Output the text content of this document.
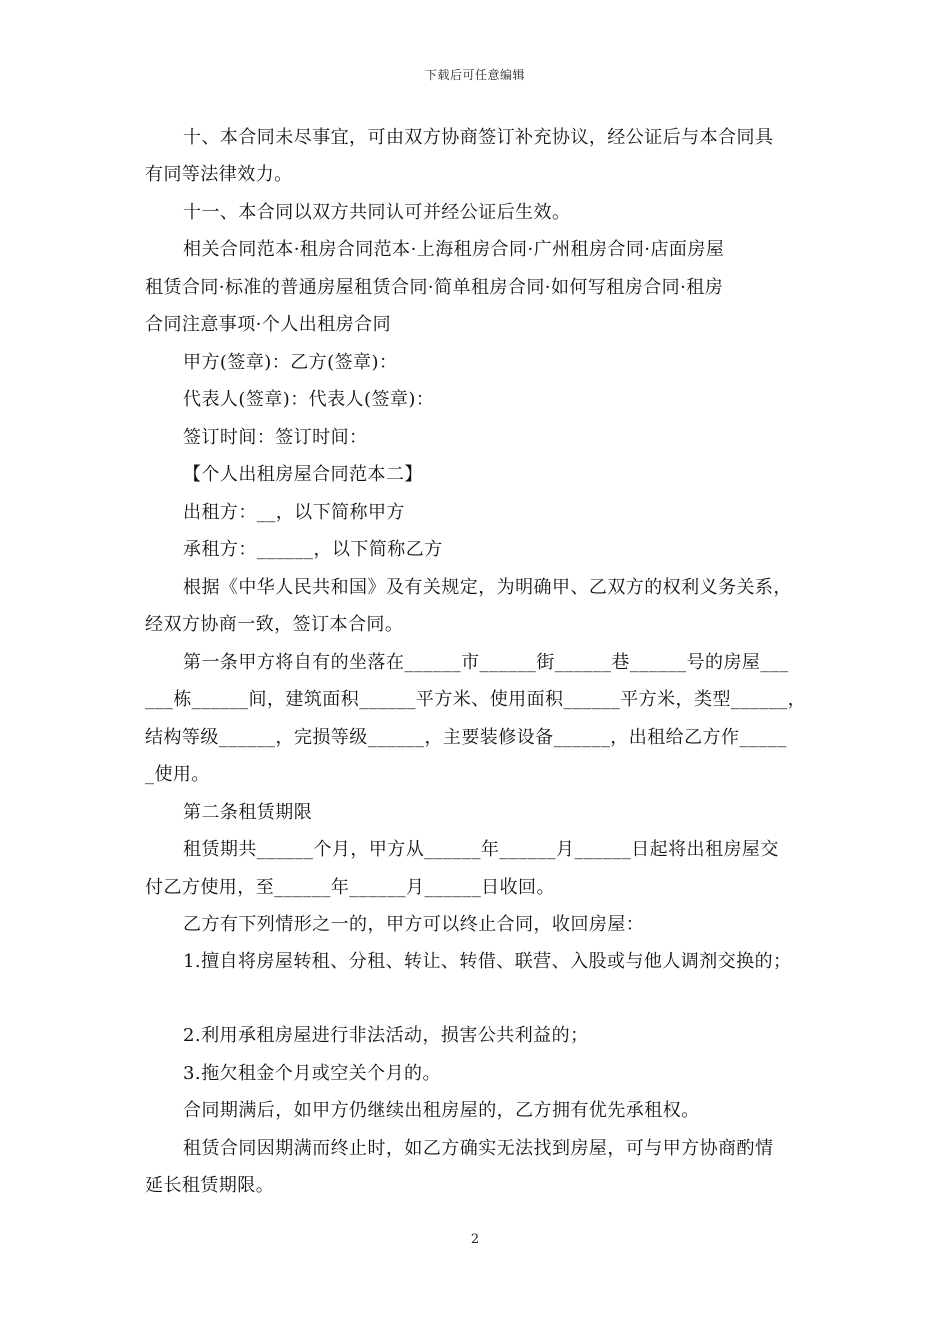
下载后可任意编辑
十、本合同未尽事宜，可由双方协商签订补充协议，经公证后与本合同具
有同等法律效力。
十一、本合同以双方共同认可并经公证后生效。
相关合同范本·租房合同范本·上海租房合同·广州租房合同·店面房屋
租赁合同·标准的普通房屋租赁合同·简单租房合同·如何写租房合同·租房
合同注意事项·个人出租房合同
甲方(签章)：乙方(签章)：
代表人(签章)：代表人(签章)：
签订时间：签订时间：
【个人出租房屋合同范本二】
出租方：__，以下简称甲方
承租方：______，以下简称乙方
根据《中华人民共和国》及有关规定，为明确甲、乙双方的权利义务关系，
经双方协商一致，签订本合同。
第一条甲方将自有的坐落在______市______街______巷______号的房屋___
___栋______间，建筑面积______平方米、使用面积______平方米，类型______，
结构等级______，完损等级______，主要装修设备______，出租给乙方作_____
_使用。
第二条租赁期限
租赁期共______个月，甲方从______年______月______日起将出租房屋交
付乙方使用，至______年______月______日收回。
乙方有下列情形之一的，甲方可以终止合同，收回房屋：
1.擅自将房屋转租、分租、转让、转借、联营、入股或与他人调剂交换的；
2.利用承租房屋进行非法活动，损害公共利益的；
3.拖欠租金个月或空关个月的。
合同期满后，如甲方仍继续出租房屋的，乙方拥有优先承租权。
租赁合同因期满而终止时，如乙方确实无法找到房屋，可与甲方协商酌情
延长租赁期限。
2
